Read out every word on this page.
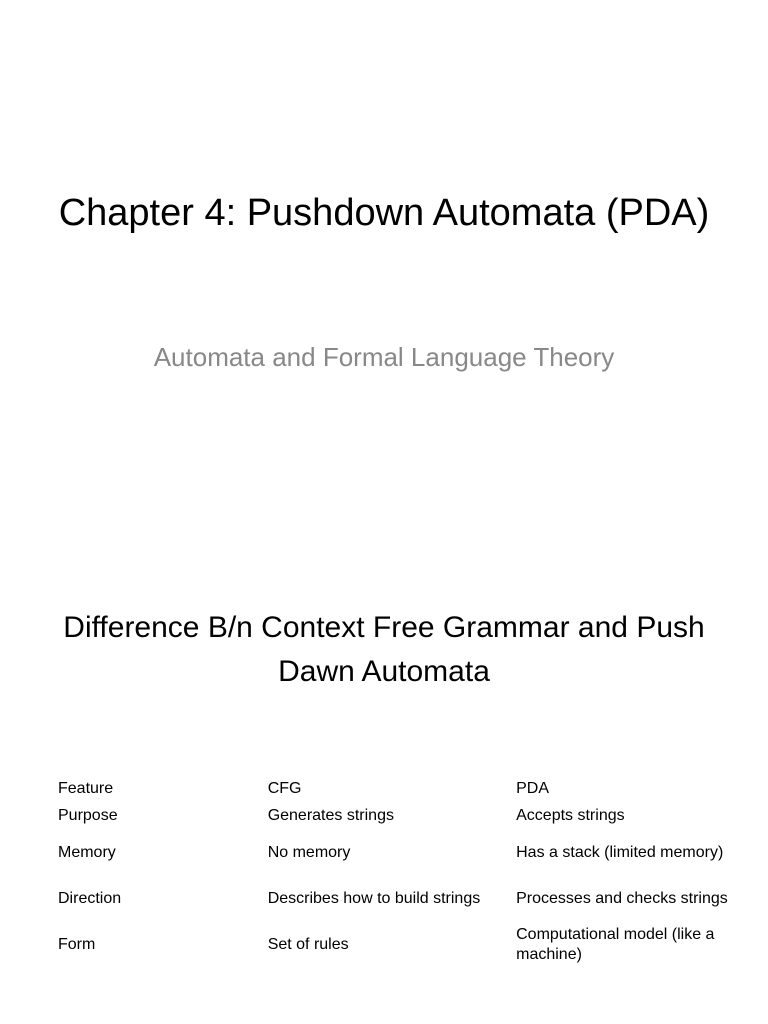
Chapter 4: Pushdown Automata (PDA)

Automata and Formal Language Theory

Difference B/n Context Free Grammar and Push Dawn Automata
Feature	CFG	PDA
Purpose	Generates strings	Accepts strings
Memory	No memory	Has a stack (limited memory)
Direction	Describes how to build strings	Processes and checks strings
Form	Set of rules	Computational model (like a machine)
